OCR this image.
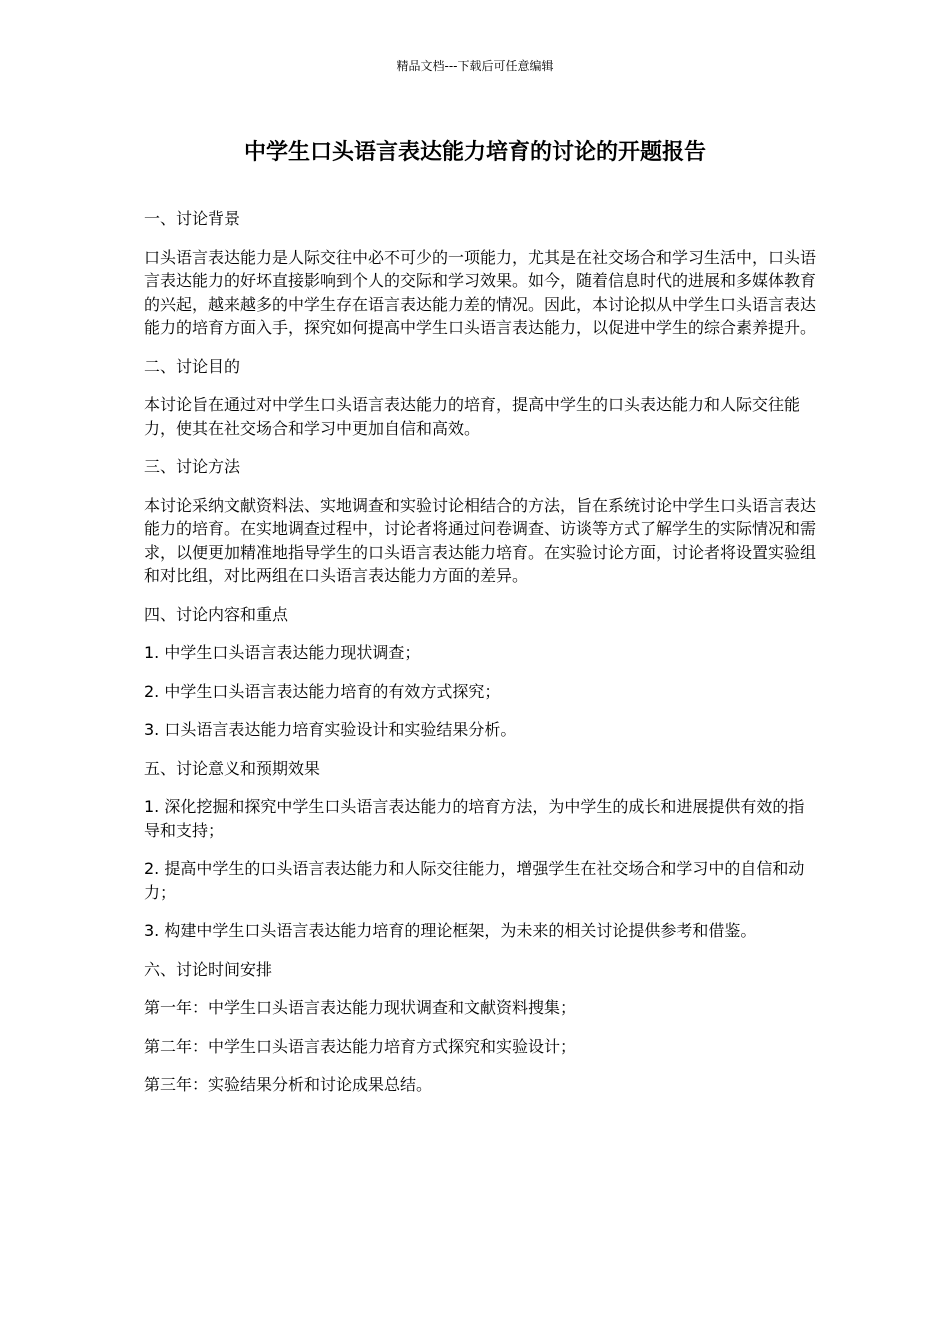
精品文档---下载后可任意编辑
中学生口头语言表达能力培育的讨论的开题报告

一、讨论背景

口头语言表达能力是人际交往中必不可少的一项能力，尤其是在社交场合和学习生活中，口头语言表达能力的好坏直接影响到个人的交际和学习效果。如今，随着信息时代的进展和多媒体教育的兴起，越来越多的中学生存在语言表达能力差的情况。因此，本讨论拟从中学生口头语言表达能力的培育方面入手，探究如何提高中学生口头语言表达能力，以促进中学生的综合素养提升。

二、讨论目的

本讨论旨在通过对中学生口头语言表达能力的培育，提高中学生的口头表达能力和人际交往能力，使其在社交场合和学习中更加自信和高效。

三、讨论方法

本讨论采纳文献资料法、实地调查和实验讨论相结合的方法，旨在系统讨论中学生口头语言表达能力的培育。在实地调查过程中，讨论者将通过问卷调查、访谈等方式了解学生的实际情况和需求，以便更加精准地指导学生的口头语言表达能力培育。在实验讨论方面，讨论者将设置实验组和对比组，对比两组在口头语言表达能力方面的差异。

四、讨论内容和重点

1. 中学生口头语言表达能力现状调查；

2. 中学生口头语言表达能力培育的有效方式探究；

3. 口头语言表达能力培育实验设计和实验结果分析。

五、讨论意义和预期效果

1. 深化挖掘和探究中学生口头语言表达能力的培育方法，为中学生的成长和进展提供有效的指导和支持；

2. 提高中学生的口头语言表达能力和人际交往能力，增强学生在社交场合和学习中的自信和动力；

3. 构建中学生口头语言表达能力培育的理论框架，为未来的相关讨论提供参考和借鉴。

六、讨论时间安排

第一年：中学生口头语言表达能力现状调查和文献资料搜集；

第二年：中学生口头语言表达能力培育方式探究和实验设计；

第三年：实验结果分析和讨论成果总结。
